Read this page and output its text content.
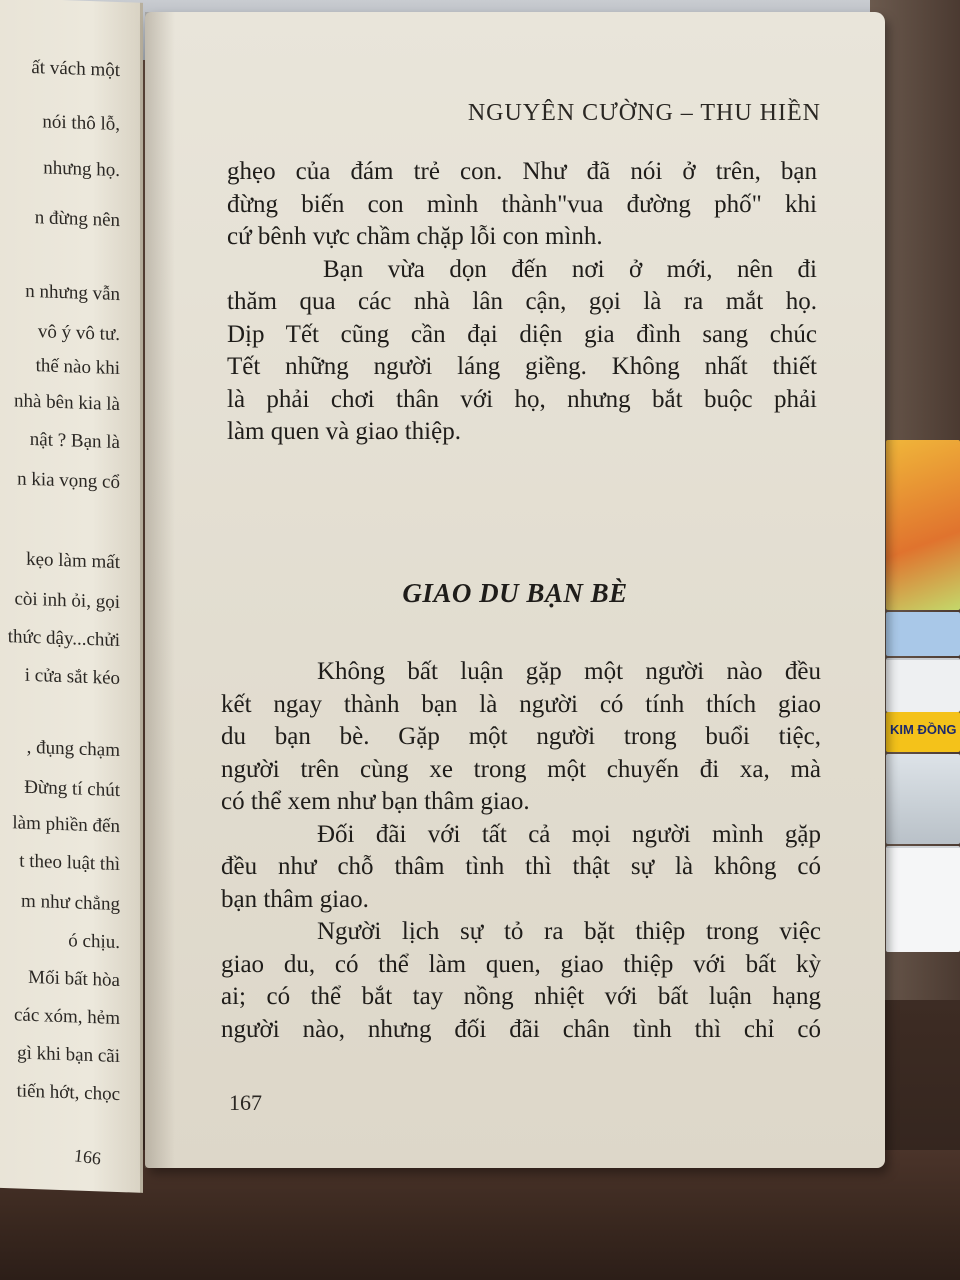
KIM ĐỒNG
ất vách một
nói thô lỗ,
nhưng họ.
n đừng nên
n nhưng vẫn
vô ý vô tư.
thế nào khi
nhà bên kia là
nật ? Bạn là
n kia vọng cổ
kẹo làm mất
còi inh ỏi, gọi
thức dậy...chửi
i cửa sắt kéo
, đụng chạm
Đừng tí chút
làm phiền đến
t theo luật thì
m như chẳng
ó chịu.
Mối bất hòa
các xóm, hẻm
gì khi bạn cãi
tiến hớt, chọc
166
NGUYÊN CƯỜNG – THU HIỀN
ghẹo của đám trẻ con. Như đã nói ở trên, bạn
đừng biến con mình thành"vua đường phố" khi
cứ bênh vực chầm chặp lỗi con mình.
Bạn vừa dọn đến nơi ở mới, nên đi
thăm qua các nhà lân cận, gọi là ra mắt họ.
Dịp Tết cũng cần đại diện gia đình sang chúc
Tết những người láng giềng. Không nhất thiết
là phải chơi thân với họ, nhưng bắt buộc phải
làm quen và giao thiệp.
GIAO DU BẠN BÈ
Không bất luận gặp một người nào đều
kết ngay thành bạn là người có tính thích giao
du bạn bè. Gặp một người trong buổi tiệc,
người trên cùng xe trong một chuyến đi xa, mà
có thể xem như bạn thâm giao.
Đối đãi với tất cả mọi người mình gặp
đều như chỗ thâm tình thì thật sự là không có
bạn thâm giao.
Người lịch sự tỏ ra bặt thiệp trong việc
giao du, có thể làm quen, giao thiệp với bất kỳ
ai; có thể bắt tay nồng nhiệt với bất luận hạng
người nào, nhưng đối đãi chân tình thì chỉ có
167
